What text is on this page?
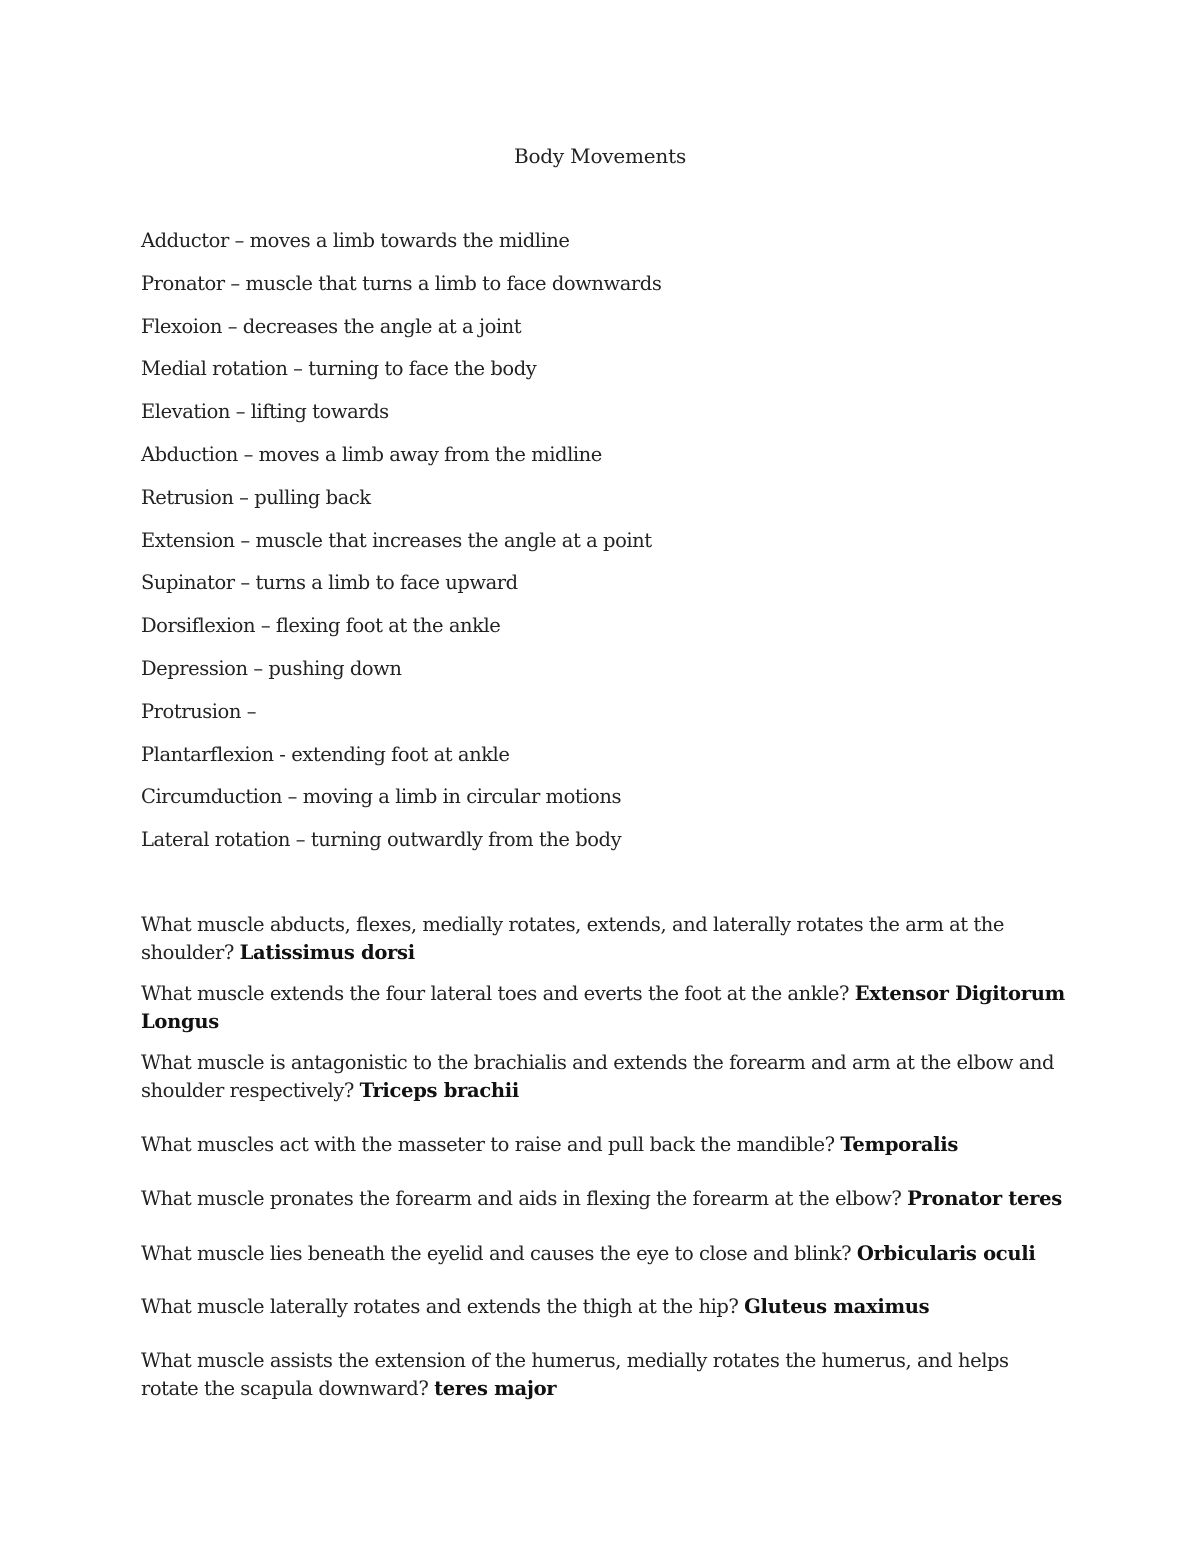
Body Movements
Adductor – moves a limb towards the midline
Pronator – muscle that turns a limb to face downwards
Flexoion – decreases the angle at a joint
Medial rotation – turning to face the body
Elevation – lifting towards
Abduction – moves a limb away from the midline
Retrusion – pulling back
Extension – muscle that increases the angle at a point
Supinator – turns a limb to face upward
Dorsiflexion – flexing foot at the ankle
Depression – pushing down
Protrusion –
Plantarflexion - extending foot at ankle
Circumduction – moving a limb in circular motions
Lateral rotation – turning outwardly from the body

What muscle abducts, flexes, medially rotates, extends, and laterally rotates the arm at the shoulder? Latissimus dorsi

What muscle extends the four lateral toes and everts the foot at the ankle? Extensor Digitorum Longus

What muscle is antagonistic to the brachialis and extends the forearm and arm at the elbow and shoulder respectively? Triceps brachii

What muscles act with the masseter to raise and pull back the mandible? Temporalis

What muscle pronates the forearm and aids in flexing the forearm at the elbow? Pronator teres

What muscle lies beneath the eyelid and causes the eye to close and blink? Orbicularis oculi

What muscle laterally rotates and extends the thigh at the hip? Gluteus maximus

What muscle assists the extension of the humerus, medially rotates the humerus, and helps rotate the scapula downward? teres major
